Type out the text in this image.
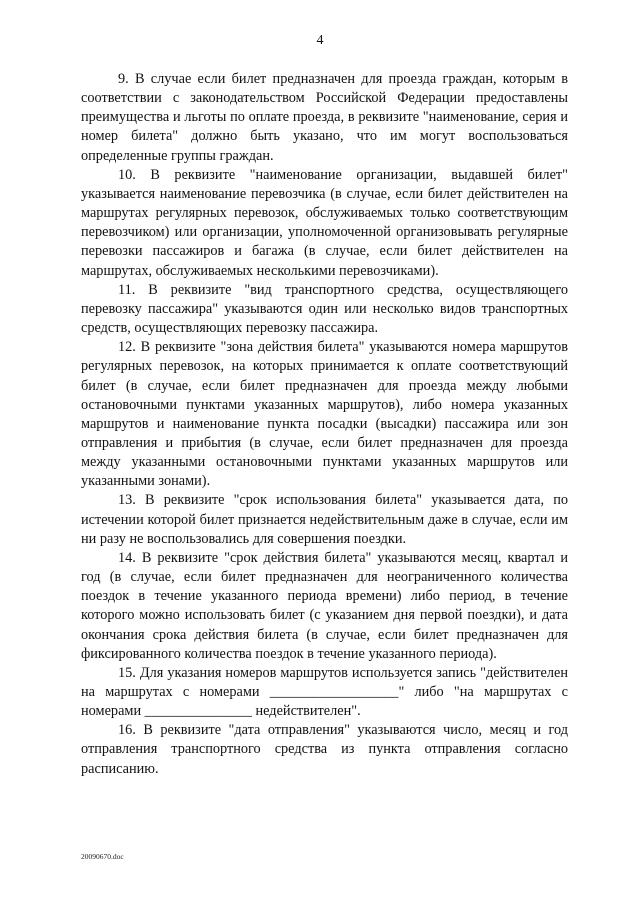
4

9. В случае если билет предназначен для проезда граждан, которым в соответствии с законодательством Российской Федерации предоставлены преимущества и льготы по оплате проезда, в реквизите "наименование, серия и номер билета" должно быть указано, что им могут воспользоваться определенные группы граждан.

10. В реквизите "наименование организации, выдавшей билет" указывается наименование перевозчика (в случае, если билет действителен на маршрутах регулярных перевозок, обслуживаемых только соответствующим перевозчиком) или организации, уполномоченной организовывать регулярные перевозки пассажиров и багажа (в случае, если билет действителен на маршрутах, обслуживаемых несколькими перевозчиками).

11. В реквизите "вид транспортного средства, осуществляющего перевозку пассажира" указываются один или несколько видов транспортных средств, осуществляющих перевозку пассажира.

12. В реквизите "зона действия билета" указываются номера маршрутов регулярных перевозок, на которых принимается к оплате соответствующий билет (в случае, если билет предназначен для проезда между любыми остановочными пунктами указанных маршрутов), либо номера указанных маршрутов и наименование пункта посадки (высадки) пассажира или зон отправления и прибытия (в случае, если билет предназначен для проезда между указанными остановочными пунктами указанных маршрутов или указанными зонами).

13. В реквизите "срок использования билета" указывается дата, по истечении которой билет признается недействительным даже в случае, если им ни разу не воспользовались для совершения поездки.

14. В реквизите "срок действия билета" указываются месяц, квартал и год (в случае, если билет предназначен для неограниченного количества поездок в течение указанного периода времени) либо период, в течение которого можно использовать билет (с указанием дня первой поездки), и дата окончания срока действия билета (в случае, если билет предназначен для фиксированного количества поездок в течение указанного периода).

15. Для указания номеров маршрутов используется запись "действителен на маршрутах с номерами __________________" либо "на маршрутах с номерами _______________ недействителен".

16. В реквизите "дата отправления" указываются число, месяц и год отправления транспортного средства из пункта отправления согласно расписанию.

20090670.doc
